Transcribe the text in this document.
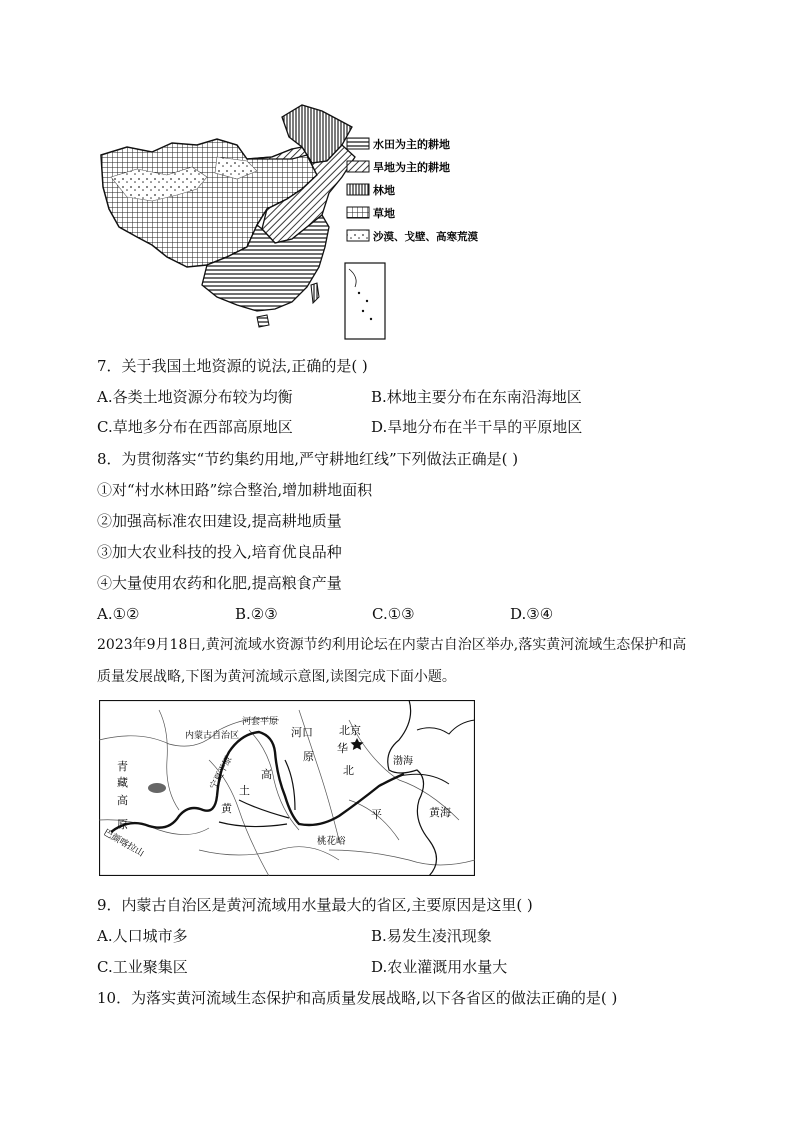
水田为主的耕地
旱地为主的耕地
林地
草地
沙漠、戈壁、高寒荒漠
7．关于我国土地资源的说法,正确的是( )
A.各类土地资源分布较为均衡	B.林地主要分布在东南沿海地区
C.草地多分布在西部高原地区	D.旱地分布在半干旱的平原地区
8．为贯彻落实“节约集约用地,严守耕地红线”下列做法正确是( )
①对“村水林田路”综合整治,增加耕地面积
②加强高标准农田建设,提高耕地质量
③加大农业科技的投入,培育优良品种
④大量使用农药和化肥,提高粮食产量
A.①②	B.②③	C.①③	D.③④
2023年9月18日,黄河流域水资源节约利用论坛在内蒙古自治区举办,落实黄河流域生态保护和高质量发展战略,下图为黄河流域示意图,读图完成下面小题。
河套平原
内蒙古自治区
青
藏
高
原
高
土
黄
河口
原
北京
华
北
渤海
平	黄海
桃花峪
宁夏平原
巴颜喀拉山
9．内蒙古自治区是黄河流域用水量最大的省区,主要原因是这里( )
A.人口城市多	B.易发生凌汛现象
C.工业聚集区	D.农业灌溉用水量大
10．为落实黄河流域生态保护和高质量发展战略,以下各省区的做法正确的是( )
